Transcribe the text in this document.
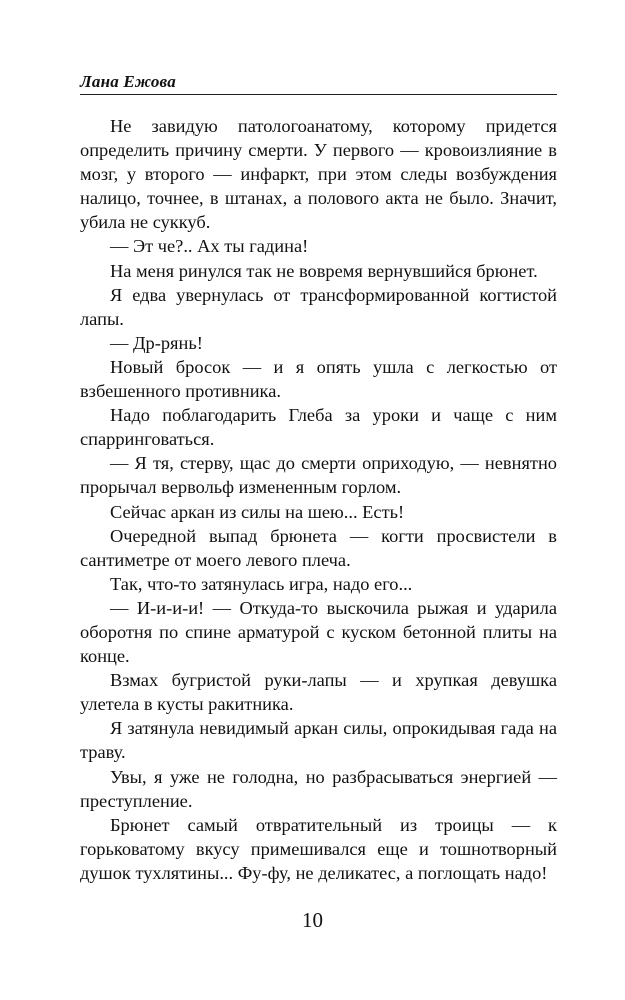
Лана Ежова

Не завидую патологоанатому, которому придется определить причину смерти. У первого — кровоизлияние в мозг, у второго — инфаркт, при этом следы возбуждения налицо, точнее, в штанах, а полового акта не было. Значит, убила не суккуб.

— Эт че?.. Ах ты гадина!

На меня ринулся так не вовремя вернувшийся брюнет.

Я едва увернулась от трансформированной когтистой лапы.

— Др-рянь!

Новый бросок — и я опять ушла с легкостью от взбешенного противника.

Надо поблагодарить Глеба за уроки и чаще с ним спарринговаться.

— Я тя, стерву, щас до смерти оприходую, — невнятно прорычал вервольф измененным горлом.

Сейчас аркан из силы на шею... Есть!

Очередной выпад брюнета — когти просвистели в сантиметре от моего левого плеча.

Так, что-то затянулась игра, надо его...

— И-и-и-и! — Откуда-то выскочила рыжая и ударила оборотня по спине арматурой с куском бетонной плиты на конце.

Взмах бугристой руки-лапы — и хрупкая девушка улетела в кусты ракитника.

Я затянула невидимый аркан силы, опрокидывая гада на траву.

Увы, я уже не голодна, но разбрасываться энергией — преступление.

Брюнет самый отвратительный из троицы — к горьковатому вкусу примешивался еще и тошнотворный душок тухлятины... Фу-фу, не деликатес, а поглощать надо!

10
